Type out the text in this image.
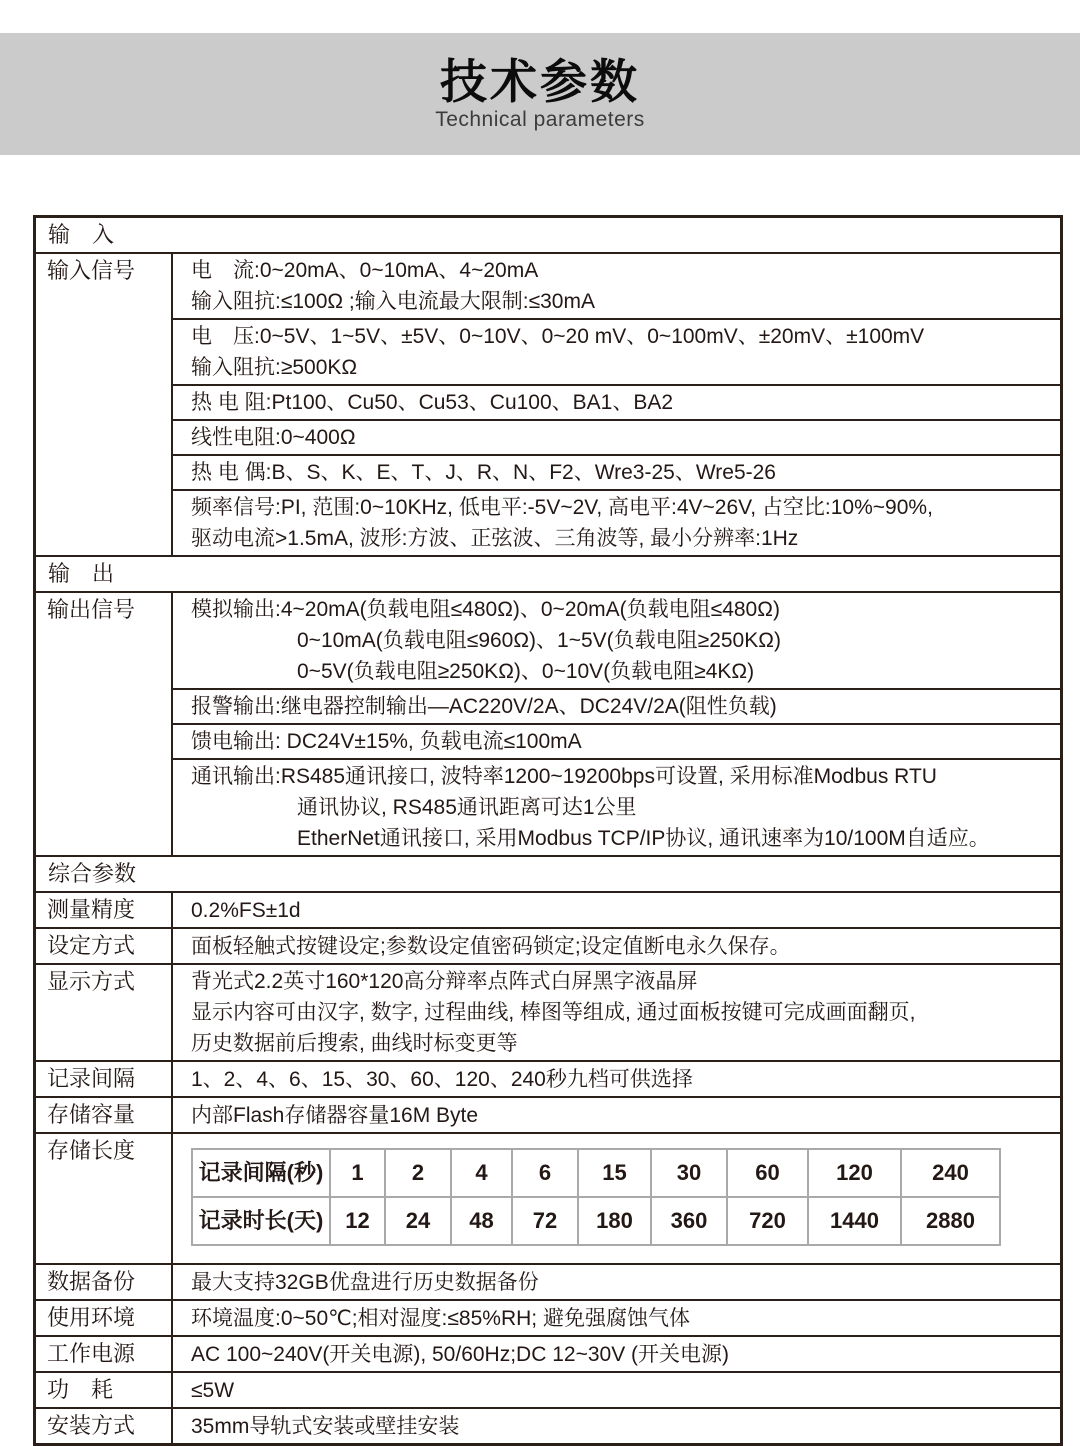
技术参数
Technical parameters
输　入
输入信号	电　流:0~20mA、0~10mA、4~20mA
输入阻抗:≤100Ω ;输入电流最大限制:≤30mA
电　压:0~5V、1~5V、±5V、0~10V、0~20 mV、0~100mV、±20mV、±100mV
输入阻抗:≥500KΩ
热 电 阻:Pt100、Cu50、Cu53、Cu100、BA1、BA2
线性电阻:0~400Ω
热 电 偶:B、S、K、E、T、J、R、N、F2、Wre3-25、Wre5-26
频率信号:PI, 范围:0~10KHz, 低电平:-5V~2V, 高电平:4V~26V, 占空比:10%~90%,
驱动电流>1.5mA, 波形:方波、正弦波、三角波等, 最小分辨率:1Hz
输　出
输出信号	模拟输出:4~20mA(负载电阻≤480Ω)、0~20mA(负载电阻≤480Ω)
0~10mA(负载电阻≤960Ω)、1~5V(负载电阻≥250KΩ)
0~5V(负载电阻≥250KΩ)、0~10V(负载电阻≥4KΩ)
报警输出:继电器控制输出—AC220V/2A、DC24V/2A(阻性负载)
馈电输出: DC24V±15%, 负载电流≤100mA
通讯输出:RS485通讯接口, 波特率1200~19200bps可设置, 采用标准Modbus RTU
通讯协议, RS485通讯距离可达1公里
EtherNet通讯接口, 采用Modbus TCP/IP协议, 通讯速率为10/100M自适应。
综合参数
测量精度	0.2%FS±1d
设定方式	面板轻触式按键设定;参数设定值密码锁定;设定值断电永久保存。
显示方式	背光式2.2英寸160*120高分辩率点阵式白屏黑字液晶屏
显示内容可由汉字, 数字, 过程曲线, 棒图等组成, 通过面板按键可完成画面翻页,
历史数据前后搜索, 曲线时标变更等
记录间隔	1、2、4、6、15、30、60、120、240秒九档可供选择
存储容量	内部Flash存储器容量16M Byte
存储长度
记录间隔(秒)	1	2	4	6	15	30	60	120	240
记录时长(天)	12	24	48	72	180	360	720	1440	2880
数据备份	最大支持32GB优盘进行历史数据备份
使用环境	环境温度:0~50℃;相对湿度:≤85%RH; 避免强腐蚀气体
工作电源	AC 100~240V(开关电源), 50/60Hz;DC 12~30V (开关电源)
功　耗	≤5W
安装方式	35mm导轨式安装或壁挂安装
